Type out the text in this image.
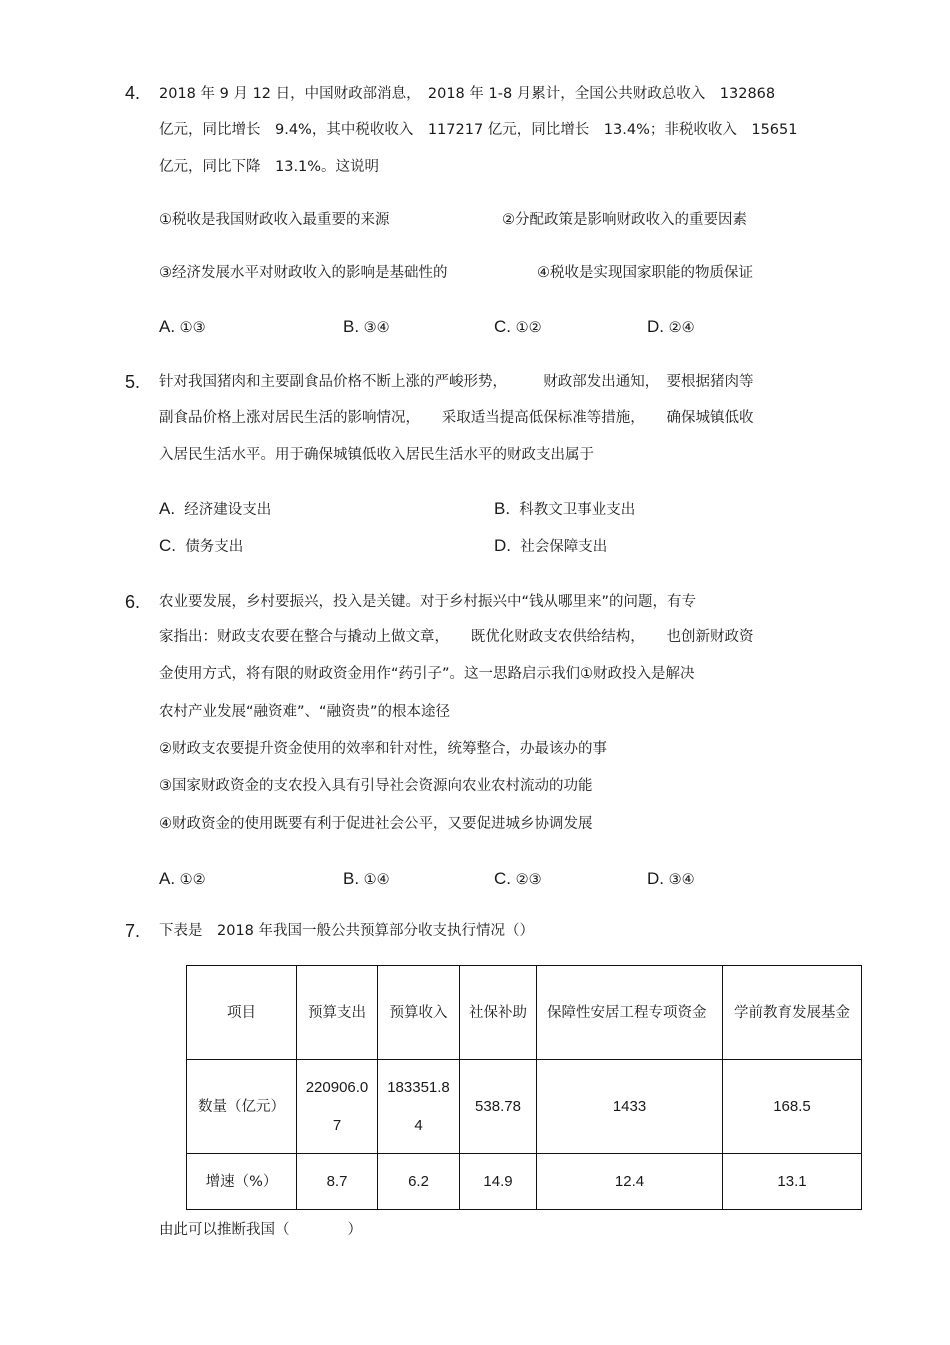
4. 2018 年 9 月 12 日，中国财政部消息，　2018 年 1-8 月累计，全国公共财政总收入　132868
亿元，同比增长　9.4%，其中税收收入　117217 亿元，同比增长　13.4%；非税收收入　15651
亿元，同比下降　13.1%。这说明
①税收是我国财政收入最重要的来源	②分配政策是影响财政收入的重要因素
③经济发展水平对财政收入的影响是基础性的	④税收是实现国家职能的物质保证
A. ①③	B. ③④	C. ①②	D. ②④
5. 针对我国猪肉和主要副食品价格不断上涨的严峻形势，　　　财政部发出通知，　要根据猪肉等
副食品价格上涨对居民生活的影响情况，　　采取适当提高低保标准等措施，　　确保城镇低收
入居民生活水平。用于确保城镇低收入居民生活水平的财政支出属于
A. 经济建设支出	B. 科教文卫事业支出
C. 债务支出	D. 社会保障支出
6. 农业要发展，乡村要振兴，投入是关键。对于乡村振兴中“钱从哪里来”的问题，有专
家指出：财政支农要在整合与撬动上做文章，　　既优化财政支农供给结构，　　也创新财政资
金使用方式，将有限的财政资金用作“药引子”。这一思路启示我们①财政投入是解决
农村产业发展“融资难”、“融资贵”的根本途径
②财政支农要提升资金使用的效率和针对性，统筹整合，办最该办的事
③国家财政资金的支农投入具有引导社会资源向农业农村流动的功能
④财政资金的使用既要有利于促进社会公平，又要促进城乡协调发展
A. ①②	B. ①④	C. ②③	D. ③④
7. 下表是　2018 年我国一般公共预算部分收支执行情况（）
项目	预算支出	预算收入	社保补助	保障性安居工程专项资金	学前教育发展基金
数量（亿元）	220906.07	183351.84	538.78	1433	168.5
增速（%）	8.7	6.2	14.9	12.4	13.1
由此可以推断我国（　　　　）
